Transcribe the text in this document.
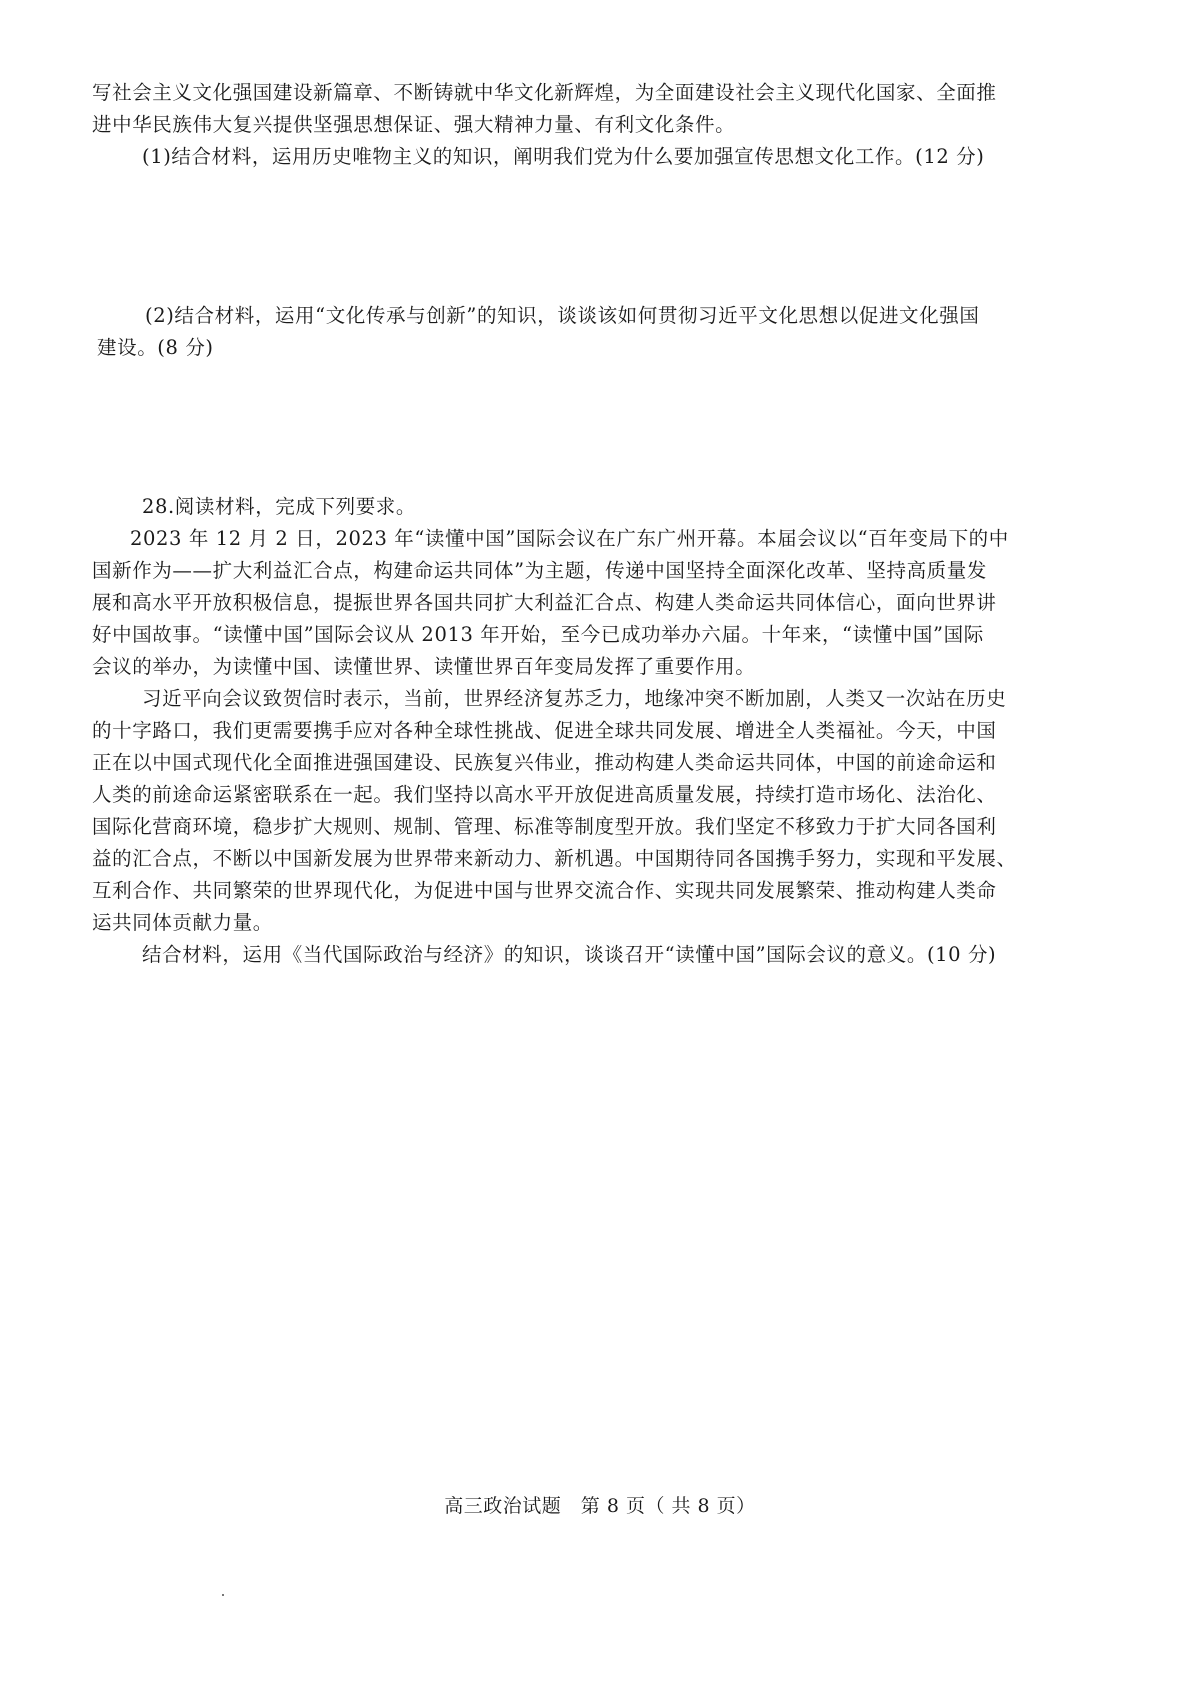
写社会主义文化强国建设新篇章、不断铸就中华文化新辉煌，为全面建设社会主义现代化国家、全面推
进中华民族伟大复兴提供坚强思想保证、强大精神力量、有利文化条件。
(1)结合材料，运用历史唯物主义的知识，阐明我们党为什么要加强宣传思想文化工作。(12 分)
(2)结合材料，运用“文化传承与创新”的知识，谈谈该如何贯彻习近平文化思想以促进文化强国
建设。(8 分)
28.阅读材料，完成下列要求。
2023 年 12 月 2 日，2023 年“读懂中国”国际会议在广东广州开幕。本届会议以“百年变局下的中
国新作为——扩大利益汇合点，构建命运共同体”为主题，传递中国坚持全面深化改革、坚持高质量发
展和高水平开放积极信息，提振世界各国共同扩大利益汇合点、构建人类命运共同体信心，面向世界讲
好中国故事。“读懂中国”国际会议从 2013 年开始，至今已成功举办六届。十年来，“读懂中国”国际
会议的举办，为读懂中国、读懂世界、读懂世界百年变局发挥了重要作用。
习近平向会议致贺信时表示，当前，世界经济复苏乏力，地缘冲突不断加剧，人类又一次站在历史
的十字路口，我们更需要携手应对各种全球性挑战、促进全球共同发展、增进全人类福祉。今天，中国
正在以中国式现代化全面推进强国建设、民族复兴伟业，推动构建人类命运共同体，中国的前途命运和
人类的前途命运紧密联系在一起。我们坚持以高水平开放促进高质量发展，持续打造市场化、法治化、
国际化营商环境，稳步扩大规则、规制、管理、标准等制度型开放。我们坚定不移致力于扩大同各国利
益的汇合点，不断以中国新发展为世界带来新动力、新机遇。中国期待同各国携手努力，实现和平发展、
互利合作、共同繁荣的世界现代化，为促进中国与世界交流合作、实现共同发展繁荣、推动构建人类命
运共同体贡献力量。
结合材料，运用《当代国际政治与经济》的知识，谈谈召开“读懂中国”国际会议的意义。(10 分)
高三政治试题　第 8 页（ 共 8 页）
